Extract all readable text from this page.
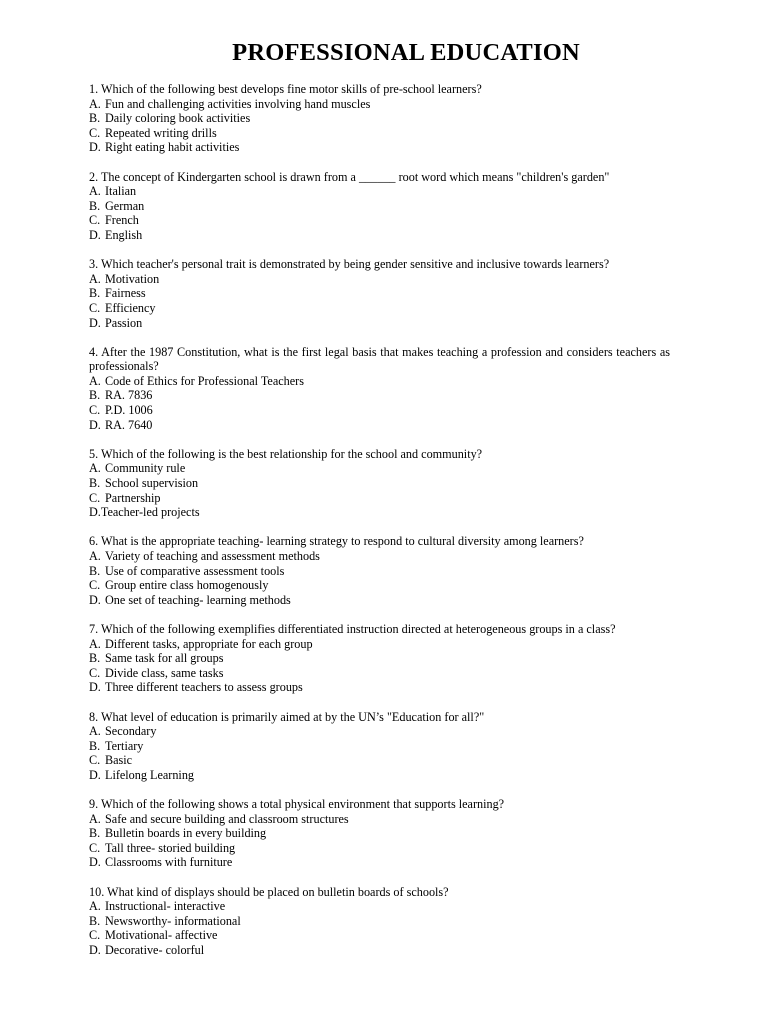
PROFESSIONAL EDUCATION
1. Which of the following best develops fine motor skills of pre-school learners?
A. Fun and challenging activities involving hand muscles
B. Daily coloring book activities
C. Repeated writing drills
D. Right eating habit activities
2. The concept of Kindergarten school is drawn from a ______ root word which means "children's garden"
A. Italian
B. German
C. French
D. English
3. Which teacher's personal trait is demonstrated by being gender sensitive and inclusive towards learners?
A. Motivation
B. Fairness
C. Efficiency
D. Passion
4. After the 1987 Constitution, what is the first legal basis that makes teaching a profession and considers teachers as professionals?
A. Code of Ethics for Professional Teachers
B. RA. 7836
C. P.D. 1006
D. RA. 7640
5. Which of the following is the best relationship for the school and community?
A. Community rule
B. School supervision
C. Partnership
D.Teacher-led projects
6. What is the appropriate teaching- learning strategy to respond to cultural diversity among learners?
A. Variety of teaching and assessment methods
B. Use of comparative assessment tools
C. Group entire class homogenously
D. One set of teaching- learning methods
7. Which of the following exemplifies differentiated instruction directed at heterogeneous groups in a class?
A. Different tasks, appropriate for each group
B. Same task for all groups
C. Divide class, same tasks
D. Three different teachers to assess groups
8. What level of education is primarily aimed at by the UN’s "Education for all?"
A. Secondary
B. Tertiary
C. Basic
D. Lifelong Learning
9. Which of the following shows a total physical environment that supports learning?
A. Safe and secure building and classroom structures
B. Bulletin boards in every building
C. Tall three- storied building
D. Classrooms with furniture
10. What kind of displays should be placed on bulletin boards of schools?
A. Instructional- interactive
B. Newsworthy- informational
C. Motivational- affective
D. Decorative- colorful
